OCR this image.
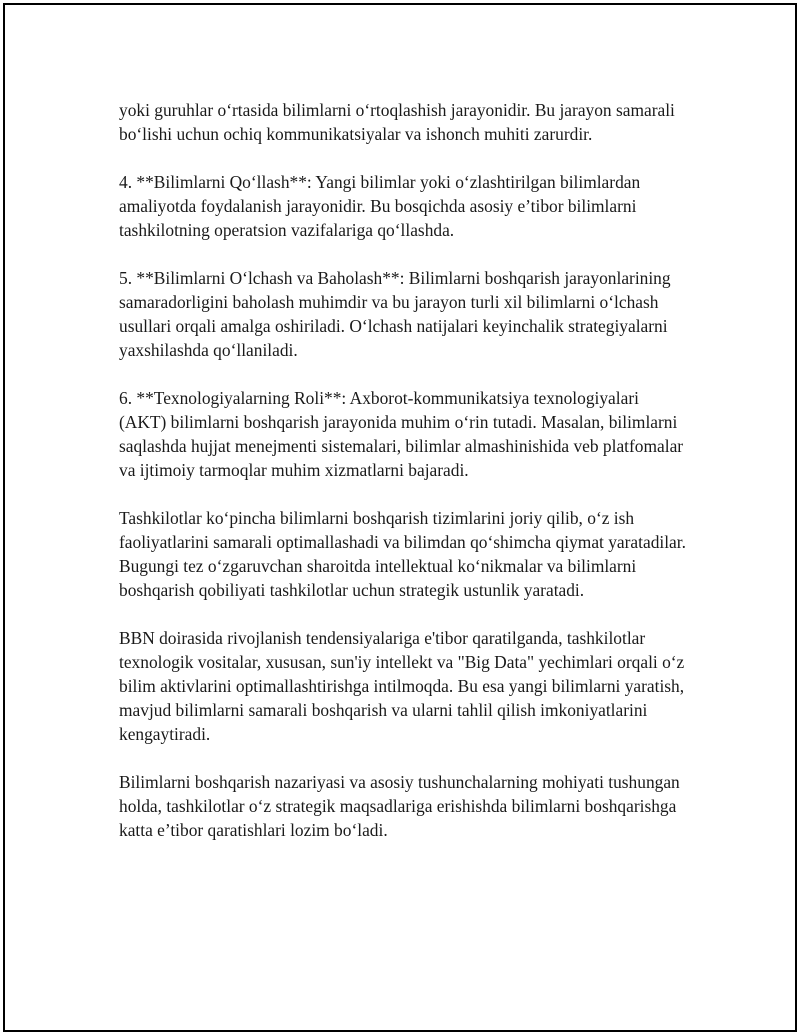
yoki guruhlar o‘rtasida bilimlarni o‘rtoqlashish jarayonidir. Bu jarayon samarali bo‘lishi uchun ochiq kommunikatsiyalar va ishonch muhiti zarurdir.

4. **Bilimlarni Qo‘llash**: Yangi bilimlar yoki o‘zlashtirilgan bilimlardan amaliyotda foydalanish jarayonidir. Bu bosqichda asosiy e’tibor bilimlarni tashkilotning operatsion vazifalariga qo‘llashda.

5. **Bilimlarni O‘lchash va Baholash**: Bilimlarni boshqarish jarayonlarining samaradorligini baholash muhimdir va bu jarayon turli xil bilimlarni o‘lchash usullari orqali amalga oshiriladi. O‘lchash natijalari keyinchalik strategiyalarni yaxshilashda qo‘llaniladi.

6. **Texnologiyalarning Roli**: Axborot-kommunikatsiya texnologiyalari (AKT) bilimlarni boshqarish jarayonida muhim o‘rin tutadi. Masalan, bilimlarni saqlashda hujjat menejmenti sistemalari, bilimlar almashinishida veb platfomalar va ijtimoiy tarmoqlar muhim xizmatlarni bajaradi.

Tashkilotlar ko‘pincha bilimlarni boshqarish tizimlarini joriy qilib, o‘z ish faoliyatlarini samarali optimallashadi va bilimdan qo‘shimcha qiymat yaratadilar. Bugungi tez o‘zgaruvchan sharoitda intellektual ko‘nikmalar va bilimlarni boshqarish qobiliyati tashkilotlar uchun strategik ustunlik yaratadi.

BBN doirasida rivojlanish tendensiyalariga e'tibor qaratilganda, tashkilotlar texnologik vositalar, xususan, sun'iy intellekt va "Big Data" yechimlari orqali o‘z bilim aktivlarini optimallashtirishga intilmoqda. Bu esa yangi bilimlarni yaratish, mavjud bilimlarni samarali boshqarish va ularni tahlil qilish imkoniyatlarini kengaytiradi.

Bilimlarni boshqarish nazariyasi va asosiy tushunchalarning mohiyati tushungan holda, tashkilotlar o‘z strategik maqsadlariga erishishda bilimlarni boshqarishga katta e’tibor qaratishlari lozim bo‘ladi.
